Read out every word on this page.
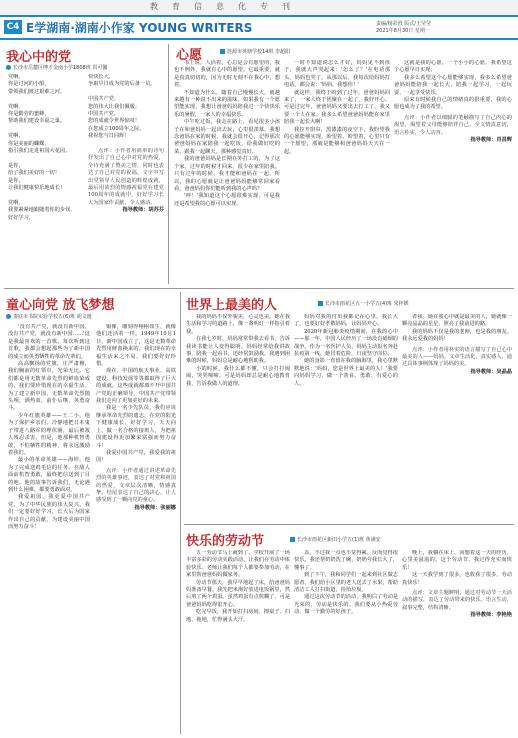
教育信息化专刊
C4 E学湖南·湖南小作家 YOUNG WRITERS	责编/杨彩澄 版式/王莹莹
2021年8月30日 星期一
我心中的党
长沙市岳麓区博才金南小学1808班 洪可馨

党啊，

你是过河的小船，

带领我们渡过艰难之河。

党啊，

你是勤劳的蜜蜂，

帮助我们建设幸福之巢。

党啊，

你是美丽的蝴蝶，

指引我们走进祖国大花园。

是你，

给了我们美好的一切！

是你，

让我们健康快乐地成长！

党啊，

我要紧紧地跟随着你的步伐，

好好学习，

快快长大，

争取早日成为党的后备一员。

中国共产党，

您的伟大让我们佩服；

中国共产党，

您的成就令世界惊叹！

在您成立100周年之际，

我祝您与日同辉！

点评：小作者用简单的诗句抒发出了自己心中对党的热爱，全诗充满了赞美之情，同时也表达了自己对党的祝福。文字中写出党领导人民创造的辉煌成就，最后用浓烈的情感祝福党在建党100周年的成就中，好好学习长大为国家作贡献，令人感动。

指导教师：胡苏芬

心愿	涟源市英塘学校14班 李超阳

书上说，人活着，心总是会有愿望的，我也不例外，我就有心中的愿望。它最重要，就是真真切切的，因为无时无刻不在我心中，想着。

不知道为什么，随着自己慢慢长大，就越来越有一种说不出来的滋味。如果我有一个愿望能实现，我想让爸爸妈妈陪我过一个快快乐乐的暑假，一家人的幸福快乐。

中午吃过饭，我走在路上，看见很多小孩子在和爸妈妈一起出去玩，心里很羡慕，我想念爸妈在家的时候，我就会很开心，记得那次爸爸妈妈在家陪我一起吃饭，给我做好吃的菜，跟我一起聊天，那种感觉真好。

我的爸爸妈妈是长期在外打工的，为了这个家，过年的时候才回来，很少在家里陪我。只有过年的时候，我才能和爸妈在一起，所以，我的心愿就是让爸爸妈妈能够常回家看看，爸爸妈妈你们能听到我的心声吗？

'呼！'我知道这个心愿很难实现，可是我还是希望我的心愿可以实现。

一时不知道说怎么才好，妈妈见不到孩子，我就大声哭起来：'怎么了？'在电话那头，妈妈也哭了。从那以后，我每次给妈妈打电话，都会说：'妈妈，我想你！'

就这样，我终于盼到了过年，爸爸妈妈回来了，一家人终于团聚在一起了，我好开心。可是过完年，爸爸妈妈又要出去打工了，我又要一个人在家。我多么希望爸爸妈妈能在家里陪我一起长大啊！

我拉开窗帘，黑漆漆的夜空下，我盼望我的心愿能够实现。盼望着，盼望着，心里只有一个愿望，那就是能够和爸爸妈妈天天在一起。

这就是我的心愿，一个小小的心愿。我希望这个心愿早日实现。

我多么希望这个心愿能够实现，我多么希望爸爸妈妈能陪我一起长大，陪我一起学习，一起玩耍，一起享受快乐。

原来有时候我自己的情绪真的很重要，我的心愿也成为了我的希望。

点评：小作者以细腻的笔触描写了自己内心的渴望，渴望着父母能够陪伴自己。全文情真意切，语言朴实，令人动容。

指导教师：肖昌辉

童心向党 放飞梦想
娄底市书院实验学校五(6)班 胡文逸

'没有共产党，就没有新中国，没有共产党，就没有新中国……'这是我最喜欢的一首歌，每次听到这首歌，我都会想起那些为了新中国的成立而英勇牺牲的革命先辈们。

高高飘扬的党旗，庄严肃穆，我们胸前的红领巾，光荣无比。它们都是用无数革命先烈的鲜血染成的，我们要珍惜现在的幸福生活。为了建立新中国，无数革命先烈抛头颅，洒热血，前仆后继，英勇奋斗。

少年红旗英雄——王二小，他为了保护乡亲们，冷静地把日本鬼子带进八路军的埋伏圈，最后被敌人残忍杀害。但是，他那种机智勇敢、不怕牺牲的精神，将永远激励着我们。

最小的革命英雄——海娃，他为了完成送鸡毛信的任务，在敌人面前机智勇敢，最终把信送到了目的地。他的故事告诉我们，无论遇到什么困难，都要勇敢面对。

我爱祖国，我更爱中国共产党。为了中华民族的伟大复兴，我们一定要好好学习，长大后为国家作出自己的贡献，为建设美丽中国而努力奋斗！

铜像，雕刻得栩栩如生，就像他们还活着一样。1949年10月1日，新中国成立了，这是无数革命先烈用鲜血换来的。我们现在的幸福生活来之不易，我们要好好珍惜。

现在，中国的航天事业、高铁建设、科技发展等等都取得了巨大的成就，这些成就都离不开中国共产党的正确领导。中国共产党带领我们走向了更加美好的未来。

我是一名少先队员，我们应该继承革命先烈的遗志，在党的阳光下健康成长，好好学习，天天向上，做一名合格的接班人，为把祖国建设得更加繁荣富强而努力奋斗！

我爱中国共产党，我爱我的祖国！

点评：小作者通过讲述革命先烈的英雄事迹，表达了对党和祖国的热爱，文章层次清晰，情感真挚，结尾表达了自己的决心，让人感受到了一颗向党的童心。

指导教师：张丽娜

世界上最美的人	长沙市雨花区五一小学五(4)班 朱梓媛

我的妈妈不仅外貌美，心灵也美。她在我生活和学习的道路上，像一盏明灯一样指引着我。

在我七岁时，妈妈常常带我去看书，告诉我读书能让人变得聪明。妈妈经常给我讲故事，陪我一起看书，还经常鼓励我。我遇到困难的时候，妈妈总是耐心地帮助我。

小的时候，我什么都不懂，只会打打闹闹，哭哭啼啼。可是妈妈却总是耐心地教育我，告诉我做人的道理。

妈妈对我的付出我都记在心里，我长大了，也要好好孝敬妈妈，让妈妈开心。

2020年新冠肺炎疫情期间，在我的心中——那一年，中国人民经历了一场没有硝烟的战争。作为一名医护人员，妈妈主动报名奔赴抗疫第一线，她冒着危险，日夜坚守岗位。

她的身影一直留在我的脑海里，我心里默默地说：'妈妈，您是世界上最美的人！'我要向妈妈学习，做一个善良、勇敢、有爱心的人。

者我。她在我心中就是最美的人，她就像一颗亮晶晶的星星，照亮了我前进的路。

我的妈妈不仅是我的老师，也是我的朋友。我永远爱我的妈妈！

点评：小作者用朴实的语言描写了自己心中最美的人——妈妈。文章生活化，真实感人，通过具体事例体现了妈妈的美。

指导教师：吴晶晶

快乐的劳动节	长沙市雨花区新田小学五(1)班 黄满安

五一劳动节马上就到了，学校开展了一场丰富多彩的劳动实践活动，让我们在劳动中体验快乐。老师让我们每个人都要参加劳动，在家里帮爸爸妈妈做家务。

劳动节那天，我早早地起了床，给爸爸妈妈准备早餐。我先把米淘好放进电饭锅里，然后煎了两个鸡蛋。虽然鸡蛋有点煎糊了，可是爸爸妈妈吃得很开心。

吃完早饭，我开始打扫房间，擦桌子、扫地、拖地，忙得满头大汗。

盖，不过我一点也不觉得累，反而觉得很快乐。我还帮奶奶洗了碗，奶奶夸我长大了，懂事了。

到了下午，我和同学们一起来到社区做志愿者，我们给小区里的老人送去了水果，帮助清洁工人打扫街道，捡拾垃圾。

通过这次劳动节的活动，我明白了劳动是光荣的，劳动是快乐的。我们要从小热爱劳动，做一个勤劳的好孩子。

晚上，我躺在床上，回想着这一天的经历，心里美滋滋的。这个劳动节，我过得充实而快乐！

这一天我学到了很多，也收获了很多，劳动真快乐！

点评：文章主题鲜明，通过对劳动节一天活动的描写，表达了劳动带来的快乐。语言生动，叙事完整，结构清晰。

指导教师：李艳艳
